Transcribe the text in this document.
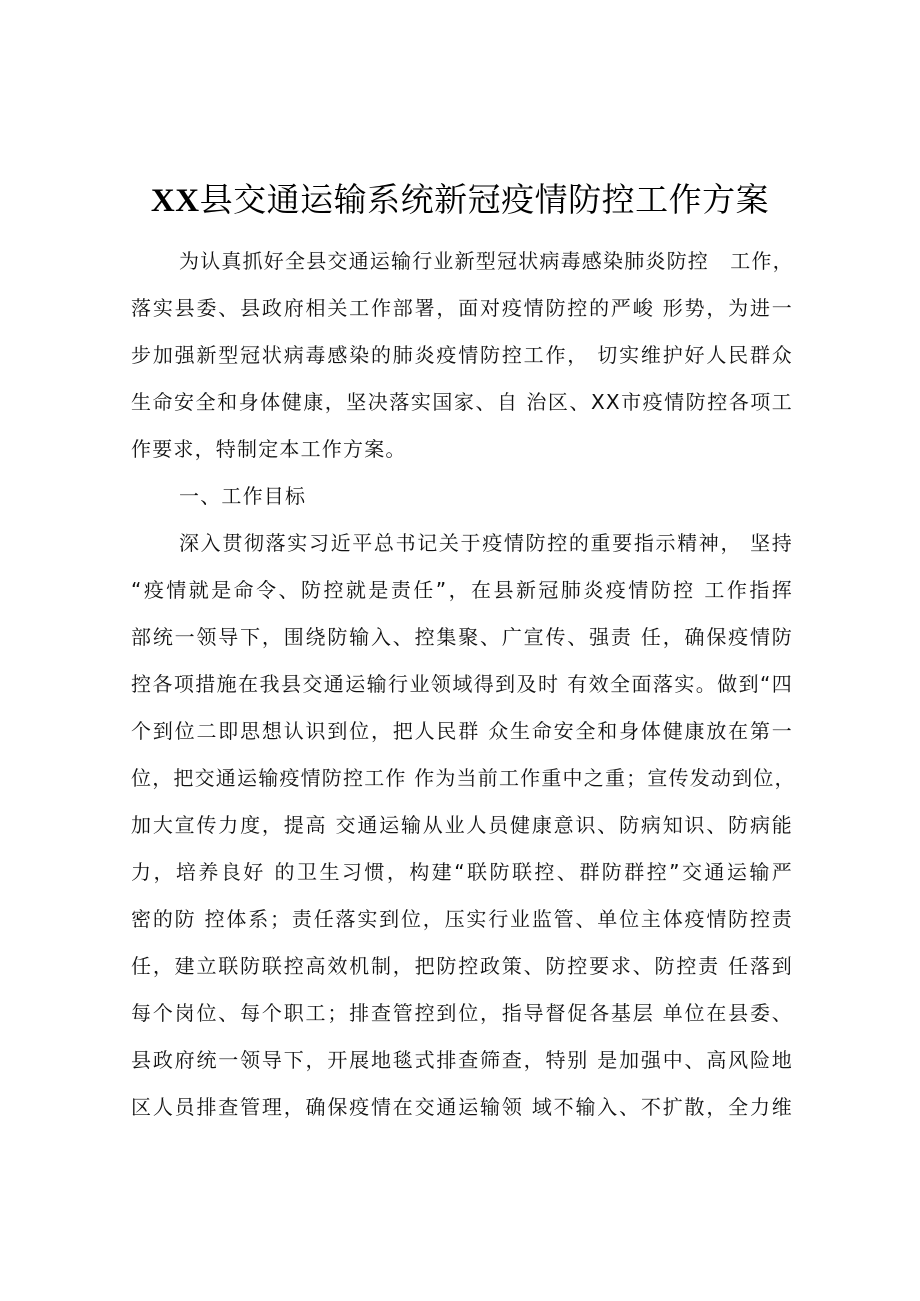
XX县交通运输系统新冠疫情防控工作方案
为认真抓好全县交通运输行业新型冠状病毒感染肺炎防控　工作，
落实县委、县政府相关工作部署，面对疫情防控的严峻 形势，为进一
步加强新型冠状病毒感染的肺炎疫情防控工作， 切实维护好人民群众
生命安全和身体健康，坚决落实国家、自 治区、XX市疫情防控各项工
作要求，特制定本工作方案。
一、工作目标
深入贯彻落实习近平总书记关于疫情防控的重要指示精神， 坚持
“疫情就是命令、防控就是责任”，在县新冠肺炎疫情防控 工作指挥
部统一领导下，围绕防输入、控集聚、广宣传、强责 任，确保疫情防
控各项措施在我县交通运输行业领域得到及时 有效全面落实。做到“四
个到位二即思想认识到位，把人民群 众生命安全和身体健康放在第一
位，把交通运输疫情防控工作 作为当前工作重中之重；宣传发动到位，
加大宣传力度，提高 交通运输从业人员健康意识、防病知识、防病能
力，培养良好 的卫生习惯，构建“联防联控、群防群控”交通运输严
密的防 控体系；责任落实到位，压实行业监管、单位主体疫情防控责
任，建立联防联控高效机制，把防控政策、防控要求、防控责 任落到
每个岗位、每个职工；排查管控到位，指导督促各基层 单位在县委、
县政府统一领导下，开展地毯式排查筛查，特别 是加强中、高风险地
区人员排查管理，确保疫情在交通运输领 域不输入、不扩散，全力维
